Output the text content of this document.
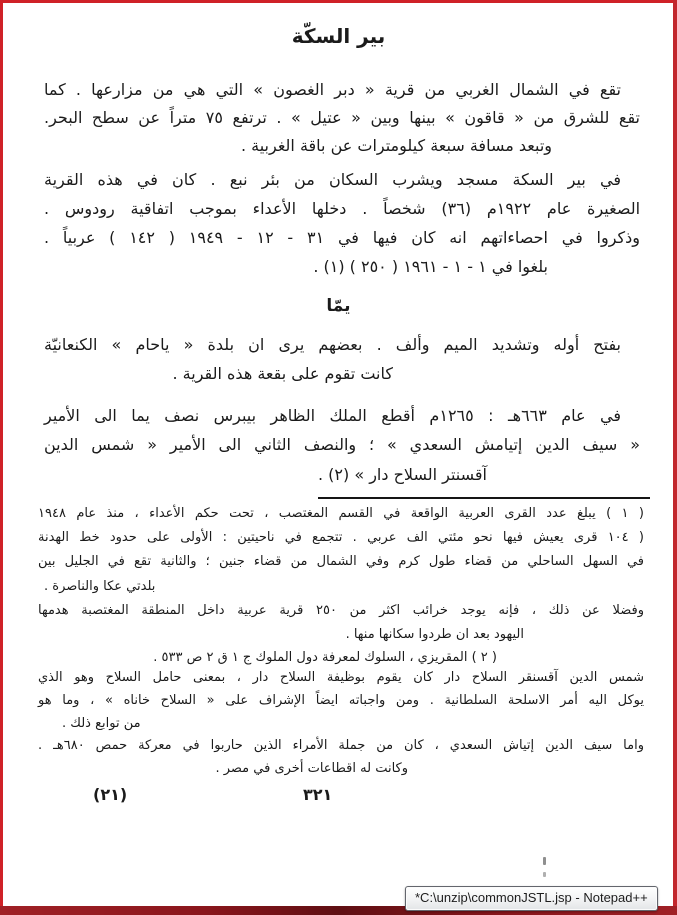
بير السكّة
تقع في الشمال الغربي من قرية « دبر الغصون » التي هي من مزارعها . كما
تقع للشرق من « قاقون » بينها وبين « عتيل » . ترتفع ٧٥ متراً عن سطح البحر.
وتبعد مسافة سبعة كيلومترات عن باقة الغربية .
في بير السكة مسجد ويشرب السكان من بئر نبع . كان في هذه القرية
الصغيرة عام ١٩٢٢م (٣٦) شخصاً . دخلها الأعداء بموجب اتفاقية رودوس .
وذكروا في احصاءاتهم انه كان فيها في ٣١ - ١٢ - ١٩٤٩ ( ١٤٢ ) عربياً .
بلغوا في ١ - ١ - ١٩٦١ ( ٢٥٠ ) (١) .
يمّا
بفتح أوله وتشديد الميم وألف . بعضهم يرى ان بلدة « ياحام » الكنعانيّة
كانت تقوم على بقعة هذه القرية .
في عام ٦٦٣هـ : ١٢٦٥م أقطع الملك الظاهر بيبرس نصف يما الى الأمير
« سيف الدين إتيامش السعدي » ؛ والنصف الثاني الى الأمير « شمس الدين
آقسنتر السلاح دار » (٢) .
( ١ ) يبلغ عدد القرى العربية الواقعة في القسم المغتصب ، تحت حكم الأعداء ، منذ عام ١٩٤٨
( ١٠٤ قرى يعيش فيها نحو مئتي الف عربي . تتجمع في ناحيتين : الأولى على حدود خط الهدنة
في السهل الساحلي من قضاء طول كرم وفي الشمال من قضاء جنين ؛ والثانية تقع في الجليل بين
بلدتي عكا والناصرة .
وفضلا عن ذلك ، فإنه يوجد خرائب اكثر من ٢٥٠ قرية عربية داخل المنطقة المغتصبة هدمها
اليهود بعد ان طردوا سكانها منها .
( ٢ ) المقريزي ، السلوك لمعرفة دول الملوك ج ١ ق ٢ ص ٥٣٣ .
شمس الدين آقسنقر السلاح دار كان يقوم بوظيفة السلاح دار ، بمعنى حامل السلاح وهو الذي
يوكل اليه أمر الاسلحة السلطانية . ومن واجباته ايضاً الإشراف على « السلاح خاناه » ، وما هو
من توابع ذلك .
واما سيف الدين إتياش السعدي ، كان من جملة الأمراء الذين حاربوا في معركة حمص ٦٨٠هـ .
وكانت له اقطاعات أخرى في مصر .
(٢١)	٣٢١
*C:\unzip\commonJSTL.jsp - Notepad++
